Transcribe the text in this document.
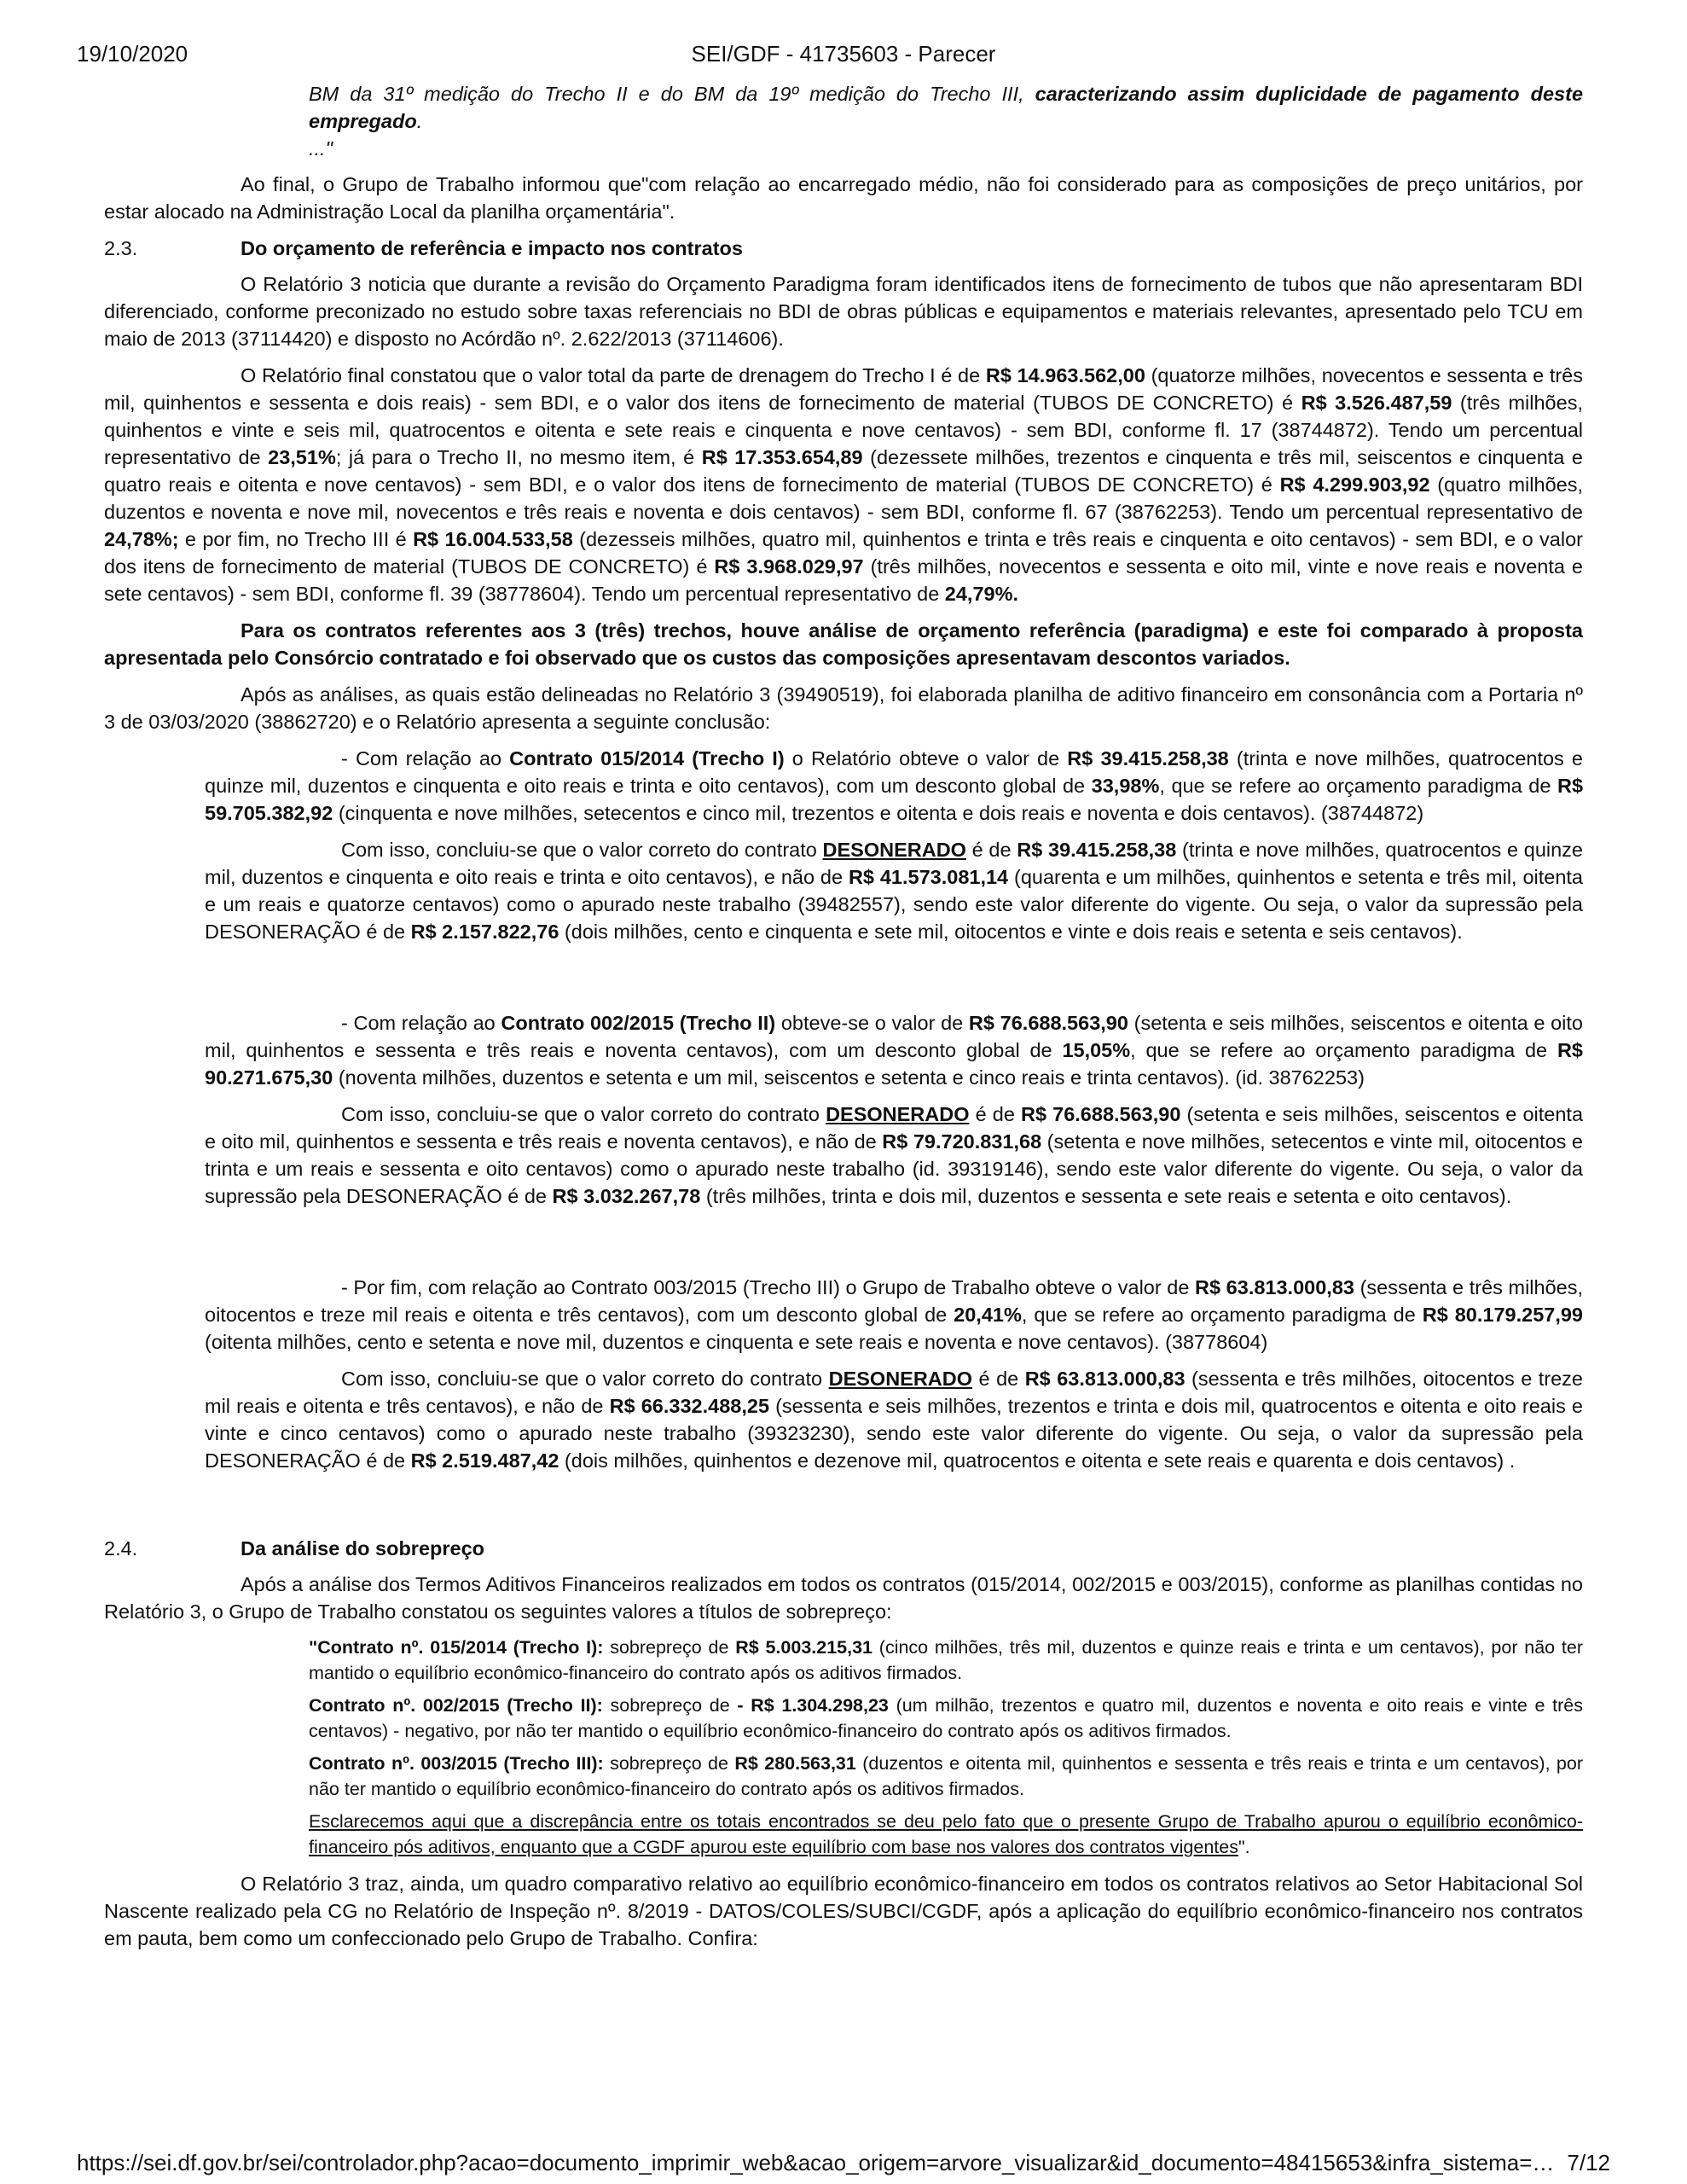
19/10/2020	SEI/GDF - 41735603 - Parecer

BM da 31º medição do Trecho II e do BM da 19º medição do Trecho III, caracterizando assim duplicidade de pagamento deste empregado.

..."

Ao final, o Grupo de Trabalho informou que"com relação ao encarregado médio, não foi considerado para as composições de preço unitários, por estar alocado na Administração Local da planilha orçamentária".

2.3.	Do orçamento de referência e impacto nos contratos

O Relatório 3 noticia que durante a revisão do Orçamento Paradigma foram identificados itens de fornecimento de tubos que não apresentaram BDI diferenciado, conforme preconizado no estudo sobre taxas referenciais no BDI de obras públicas e equipamentos e materiais relevantes, apresentado pelo TCU em maio de 2013 (37114420) e disposto no Acórdão nº. 2.622/2013 (37114606).

O Relatório final constatou que o valor total da parte de drenagem do Trecho I é de R$ 14.963.562,00 (quatorze milhões, novecentos e sessenta e três mil, quinhentos e sessenta e dois reais) - sem BDI, e o valor dos itens de fornecimento de material (TUBOS DE CONCRETO) é R$ 3.526.487,59 (três milhões, quinhentos e vinte e seis mil, quatrocentos e oitenta e sete reais e cinquenta e nove centavos) - sem BDI, conforme fl. 17 (38744872). Tendo um percentual representativo de 23,51%; já para o Trecho II, no mesmo item, é R$ 17.353.654,89 (dezessete milhões, trezentos e cinquenta e três mil, seiscentos e cinquenta e quatro reais e oitenta e nove centavos) - sem BDI, e o valor dos itens de fornecimento de material (TUBOS DE CONCRETO) é R$ 4.299.903,92 (quatro milhões, duzentos e noventa e nove mil, novecentos e três reais e noventa e dois centavos) - sem BDI, conforme fl. 67 (38762253). Tendo um percentual representativo de 24,78%; e por fim, no Trecho III é R$ 16.004.533,58 (dezesseis milhões, quatro mil, quinhentos e trinta e três reais e cinquenta e oito centavos) - sem BDI, e o valor dos itens de fornecimento de material (TUBOS DE CONCRETO) é R$ 3.968.029,97 (três milhões, novecentos e sessenta e oito mil, vinte e nove reais e noventa e sete centavos) - sem BDI, conforme fl. 39 (38778604). Tendo um percentual representativo de 24,79%.

Para os contratos referentes aos 3 (três) trechos, houve análise de orçamento referência (paradigma) e este foi comparado à proposta apresentada pelo Consórcio contratado e foi observado que os custos das composições apresentavam descontos variados.

Após as análises, as quais estão delineadas no Relatório 3 (39490519), foi elaborada planilha de aditivo financeiro em consonância com a Portaria nº 3 de 03/03/2020 (38862720) e o Relatório apresenta a seguinte conclusão:

- Com relação ao Contrato 015/2014 (Trecho I) o Relatório obteve o valor de R$ 39.415.258,38 (trinta e nove milhões, quatrocentos e quinze mil, duzentos e cinquenta e oito reais e trinta e oito centavos), com um desconto global de 33,98%, que se refere ao orçamento paradigma de R$ 59.705.382,92 (cinquenta e nove milhões, setecentos e cinco mil, trezentos e oitenta e dois reais e noventa e dois centavos). (38744872)

Com isso, concluiu-se que o valor correto do contrato DESONERADO é de R$ 39.415.258,38 (trinta e nove milhões, quatrocentos e quinze mil, duzentos e cinquenta e oito reais e trinta e oito centavos), e não de R$ 41.573.081,14 (quarenta e um milhões, quinhentos e setenta e três mil, oitenta e um reais e quatorze centavos) como o apurado neste trabalho (39482557), sendo este valor diferente do vigente. Ou seja, o valor da supressão pela DESONERAÇÃO é de R$ 2.157.822,76 (dois milhões, cento e cinquenta e sete mil, oitocentos e vinte e dois reais e setenta e seis centavos).

- Com relação ao Contrato 002/2015 (Trecho II) obteve-se o valor de R$ 76.688.563,90 (setenta e seis milhões, seiscentos e oitenta e oito mil, quinhentos e sessenta e três reais e noventa centavos), com um desconto global de 15,05%, que se refere ao orçamento paradigma de R$ 90.271.675,30 (noventa milhões, duzentos e setenta e um mil, seiscentos e setenta e cinco reais e trinta centavos). (id. 38762253)

Com isso, concluiu-se que o valor correto do contrato DESONERADO é de R$ 76.688.563,90 (setenta e seis milhões, seiscentos e oitenta e oito mil, quinhentos e sessenta e três reais e noventa centavos), e não de R$ 79.720.831,68 (setenta e nove milhões, setecentos e vinte mil, oitocentos e trinta e um reais e sessenta e oito centavos) como o apurado neste trabalho (id. 39319146), sendo este valor diferente do vigente. Ou seja, o valor da supressão pela DESONERAÇÃO é de R$ 3.032.267,78 (três milhões, trinta e dois mil, duzentos e sessenta e sete reais e setenta e oito centavos).

- Por fim, com relação ao Contrato 003/2015 (Trecho III) o Grupo de Trabalho obteve o valor de R$ 63.813.000,83 (sessenta e três milhões, oitocentos e treze mil reais e oitenta e três centavos), com um desconto global de 20,41%, que se refere ao orçamento paradigma de R$ 80.179.257,99 (oitenta milhões, cento e setenta e nove mil, duzentos e cinquenta e sete reais e noventa e nove centavos). (38778604)

Com isso, concluiu-se que o valor correto do contrato DESONERADO é de R$ 63.813.000,83 (sessenta e três milhões, oitocentos e treze mil reais e oitenta e três centavos), e não de R$ 66.332.488,25 (sessenta e seis milhões, trezentos e trinta e dois mil, quatrocentos e oitenta e oito reais e vinte e cinco centavos) como o apurado neste trabalho (39323230), sendo este valor diferente do vigente. Ou seja, o valor da supressão pela DESONERAÇÃO é de R$ 2.519.487,42 (dois milhões, quinhentos e dezenove mil, quatrocentos e oitenta e sete reais e quarenta e dois centavos) .

2.4.	Da análise do sobrepreço

Após a análise dos Termos Aditivos Financeiros realizados em todos os contratos (015/2014, 002/2015 e 003/2015), conforme as planilhas contidas no Relatório 3, o Grupo de Trabalho constatou os seguintes valores a títulos de sobrepreço:

"Contrato nº. 015/2014 (Trecho I): sobrepreço de R$ 5.003.215,31 (cinco milhões, três mil, duzentos e quinze reais e trinta e um centavos), por não ter mantido o equilíbrio econômico-financeiro do contrato após os aditivos firmados.

Contrato nº. 002/2015 (Trecho II): sobrepreço de - R$ 1.304.298,23 (um milhão, trezentos e quatro mil, duzentos e noventa e oito reais e vinte e três centavos) - negativo, por não ter mantido o equilíbrio econômico-financeiro do contrato após os aditivos firmados.

Contrato nº. 003/2015 (Trecho III): sobrepreço de R$ 280.563,31 (duzentos e oitenta mil, quinhentos e sessenta e três reais e trinta e um centavos), por não ter mantido o equilíbrio econômico-financeiro do contrato após os aditivos firmados.

Esclarecemos aqui que a discrepância entre os totais encontrados se deu pelo fato que o presente Grupo de Trabalho apurou o equilíbrio econômico-financeiro pós aditivos, enquanto que a CGDF apurou este equilíbrio com base nos valores dos contratos vigentes".

O Relatório 3 traz, ainda, um quadro comparativo relativo ao equilíbrio econômico-financeiro em todos os contratos relativos ao Setor Habitacional Sol Nascente realizado pela CG no Relatório de Inspeção nº. 8/2019 - DATOS/COLES/SUBCI/CGDF, após a aplicação do equilíbrio econômico-financeiro nos contratos em pauta, bem como um confeccionado pelo Grupo de Trabalho. Confira:

https://sei.df.gov.br/sei/controlador.php?acao=documento_imprimir_web&acao_origem=arvore_visualizar&id_documento=48415653&infra_sistema=… 7/12
